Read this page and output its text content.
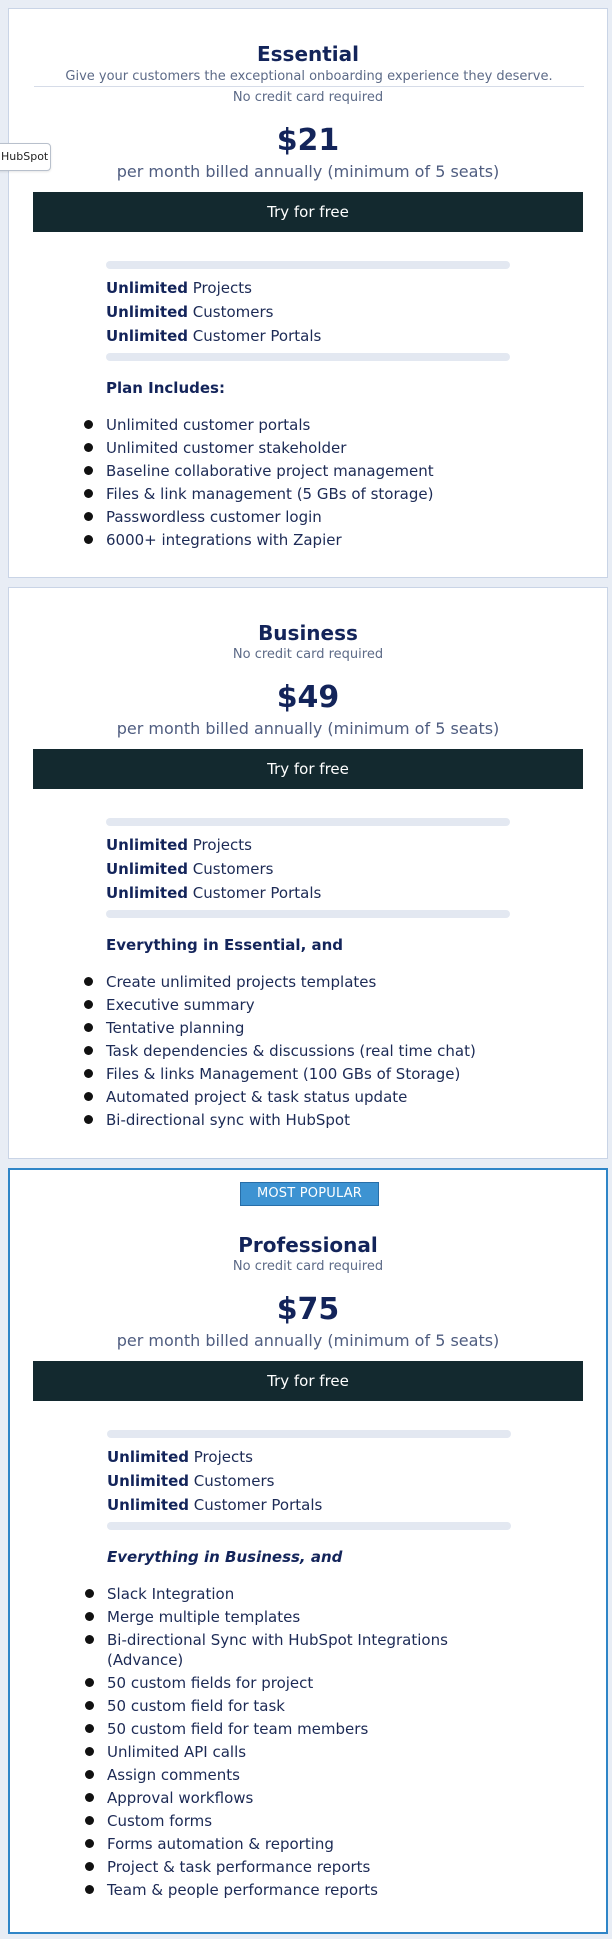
HubSpot
Essential
Give your customers the exceptional onboarding experience they deserve.
No credit card required
$21
per month billed annually (minimum of 5 seats)
Try for free
Unlimited Projects
Unlimited Customers
Unlimited Customer Portals
Plan Includes:
Unlimited customer portals
Unlimited customer stakeholder
Baseline collaborative project management
Files & link management (5 GBs of storage)
Passwordless customer login
6000+ integrations with Zapier
Business
No credit card required
$49
per month billed annually (minimum of 5 seats)
Try for free
Unlimited Projects
Unlimited Customers
Unlimited Customer Portals
Everything in Essential, and
Create unlimited projects templates
Executive summary
Tentative planning
Task dependencies & discussions (real time chat)
Files & links Management (100 GBs of Storage)
Automated project & task status update
Bi-directional sync with HubSpot
MOST POPULAR
Professional
No credit card required
$75
per month billed annually (minimum of 5 seats)
Try for free
Unlimited Projects
Unlimited Customers
Unlimited Customer Portals
Everything in Business, and
Slack Integration
Merge multiple templates
Bi-directional Sync with HubSpot Integrations (Advance)
50 custom fields for project
50 custom field for task
50 custom field for team members
Unlimited API calls
Assign comments
Approval workflows
Custom forms
Forms automation & reporting
Project & task performance reports
Team & people performance reports
